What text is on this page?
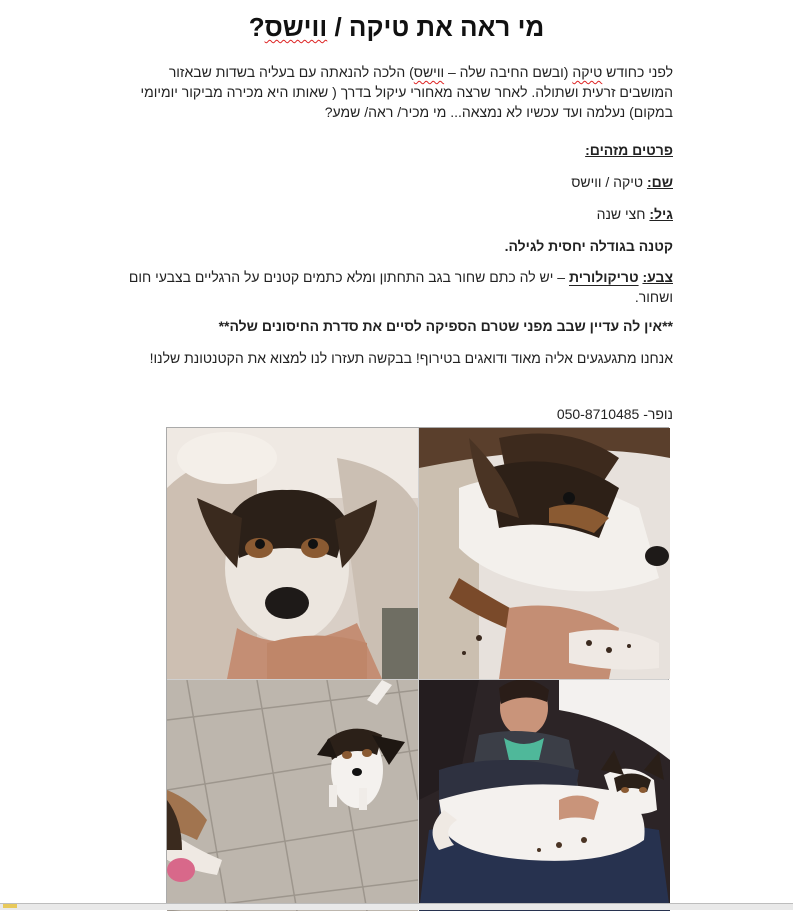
מי ראה את טיקה / ווישס?

לפני כחודש טיקה (ובשם החיבה שלה – ווישס) הלכה להנאתה עם בעליה בשדות שבאזור המושבים זרעית ושתולה. לאחר שרצה מאחורי עיקול בדרך ( שאותו היא מכירה מביקור יומיומי במקום) נעלמה ועד עכשיו לא נמצאה... מי מכיר/ ראה/ שמע?

פרטים מזהים:

שם: טיקה / ווישס

גיל: חצי שנה

קטנה בגודלה יחסית לגילה.

צבע: טריקולורית – יש לה כתם שחור בגב התחתון ומלא כתמים קטנים על הרגליים בצבעי חום ושחור.

**אין לה עדיין שבב מפני שטרם הספיקה לסיים את סדרת החיסונים שלה**

אנחנו מתגעגעים אליה מאוד ודואגים בטירוף! בבקשה תעזרו לנו למצוא את הקטנטונת שלנו!

נופר- 050-8710485
